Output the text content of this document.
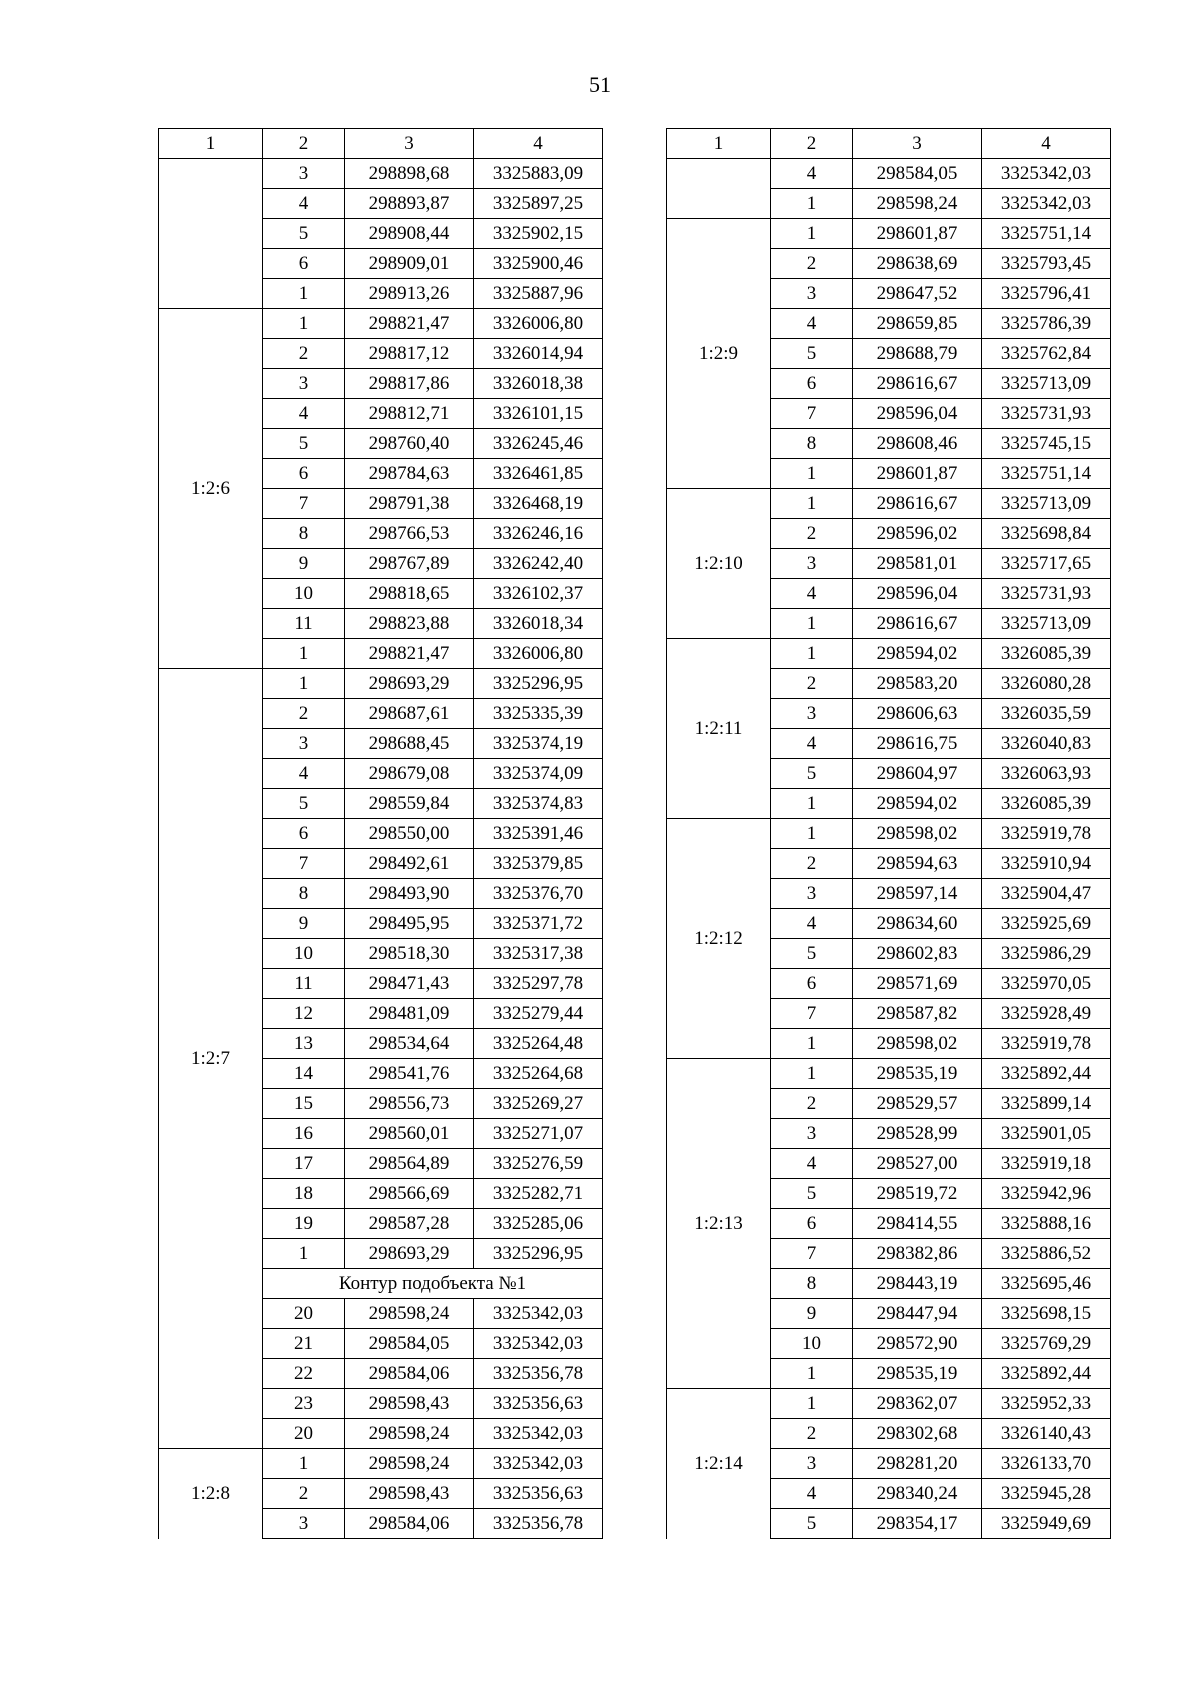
51
1	2	3	4
	3	298898,68	3325883,09
	4	298893,87	3325897,25
	5	298908,44	3325902,15
	6	298909,01	3325900,46
	1	298913,26	3325887,96
1:2:6	1	298821,47	3326006,80
	2	298817,12	3326014,94
	3	298817,86	3326018,38
	4	298812,71	3326101,15
	5	298760,40	3326245,46
	6	298784,63	3326461,85
	7	298791,38	3326468,19
	8	298766,53	3326246,16
	9	298767,89	3326242,40
	10	298818,65	3326102,37
	11	298823,88	3326018,34
	1	298821,47	3326006,80
1:2:7	1	298693,29	3325296,95
	2	298687,61	3325335,39
	3	298688,45	3325374,19
	4	298679,08	3325374,09
	5	298559,84	3325374,83
	6	298550,00	3325391,46
	7	298492,61	3325379,85
	8	298493,90	3325376,70
	9	298495,95	3325371,72
	10	298518,30	3325317,38
	11	298471,43	3325297,78
	12	298481,09	3325279,44
	13	298534,64	3325264,48
	14	298541,76	3325264,68
	15	298556,73	3325269,27
	16	298560,01	3325271,07
	17	298564,89	3325276,59
	18	298566,69	3325282,71
	19	298587,28	3325285,06
	1	298693,29	3325296,95
	Контур подобъекта №1		
	20	298598,24	3325342,03
	21	298584,05	3325342,03
	22	298584,06	3325356,78
	23	298598,43	3325356,63
	20	298598,24	3325342,03
1:2:8	1	298598,24	3325342,03
	2	298598,43	3325356,63
	3	298584,06	3325356,78
1	2	3	4
	4	298584,05	3325342,03
	1	298598,24	3325342,03
1:2:9	1	298601,87	3325751,14
	2	298638,69	3325793,45
	3	298647,52	3325796,41
	4	298659,85	3325786,39
	5	298688,79	3325762,84
	6	298616,67	3325713,09
	7	298596,04	3325731,93
	8	298608,46	3325745,15
	1	298601,87	3325751,14
1:2:10	1	298616,67	3325713,09
	2	298596,02	3325698,84
	3	298581,01	3325717,65
	4	298596,04	3325731,93
	1	298616,67	3325713,09
1:2:11	1	298594,02	3326085,39
	2	298583,20	3326080,28
	3	298606,63	3326035,59
	4	298616,75	3326040,83
	5	298604,97	3326063,93
	1	298594,02	3326085,39
1:2:12	1	298598,02	3325919,78
	2	298594,63	3325910,94
	3	298597,14	3325904,47
	4	298634,60	3325925,69
	5	298602,83	3325986,29
	6	298571,69	3325970,05
	7	298587,82	3325928,49
	1	298598,02	3325919,78
1:2:13	1	298535,19	3325892,44
	2	298529,57	3325899,14
	3	298528,99	3325901,05
	4	298527,00	3325919,18
	5	298519,72	3325942,96
	6	298414,55	3325888,16
	7	298382,86	3325886,52
	8	298443,19	3325695,46
	9	298447,94	3325698,15
	10	298572,90	3325769,29
	1	298535,19	3325892,44
1:2:14	1	298362,07	3325952,33
	2	298302,68	3326140,43
	3	298281,20	3326133,70
	4	298340,24	3325945,28
	5	298354,17	3325949,69
